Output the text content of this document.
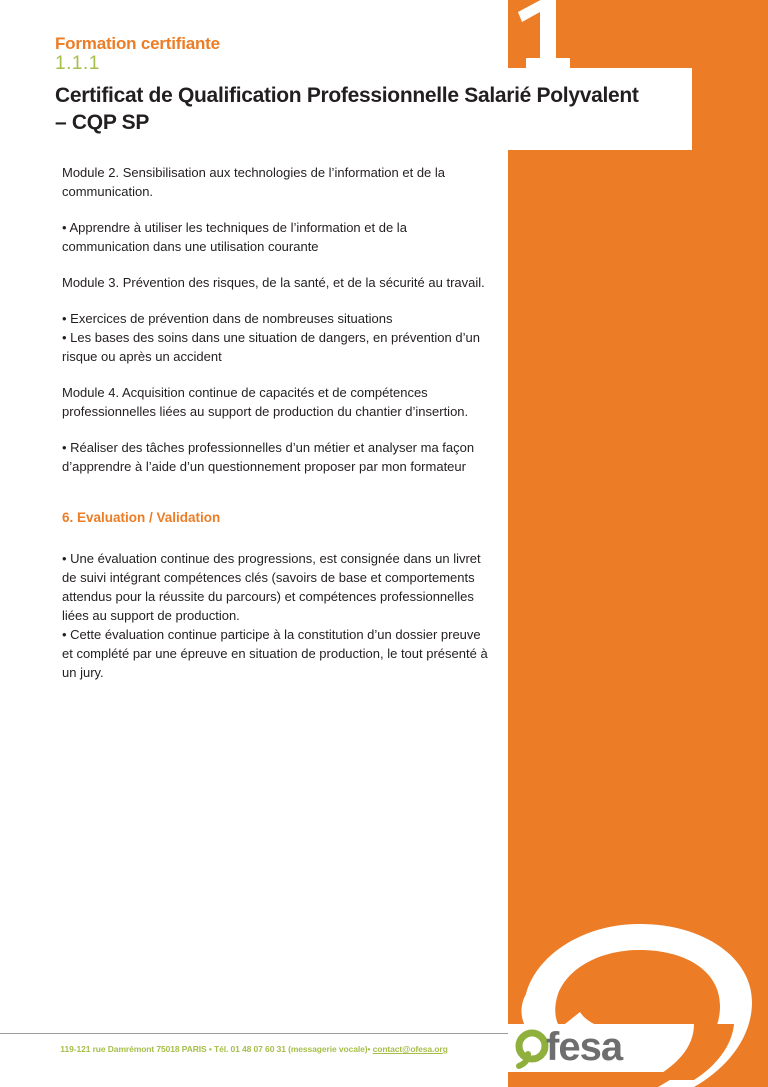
Formation certifiante
1.1.1
Certificat de Qualification Professionnelle Salarié Polyvalent – CQP SP

Module 2. Sensibilisation aux technologies de l’information et de la communication.

• Apprendre à utiliser les techniques de l’information et de la communication dans une utilisation courante

Module 3. Prévention des risques, de la santé, et de la sécurité au travail.

• Exercices de prévention dans de nombreuses situations

• Les bases des soins dans une situation de dangers, en prévention d’un risque ou après un accident

Module 4. Acquisition continue de capacités et de compétences professionnelles liées au support de production du chantier d’insertion.

• Réaliser des tâches professionnelles d’un métier et analyser ma façon d’apprendre à l’aide d’un questionnement proposer par mon formateur

6. Evaluation / Validation

• Une évaluation continue des progressions, est consignée dans un livret de suivi intégrant compétences clés (savoirs de base et comportements attendus pour la réussite du parcours) et compétences professionnelles liées au support de production.

• Cette évaluation continue participe à la constitution d’un dossier preuve et complété par une épreuve en situation de production, le tout présenté à un jury.

119-121 rue Damrémont 75018 PARIS • Tél. 01 48 07 60 31 (messagerie vocale)• contact@ofesa.org	fesa
